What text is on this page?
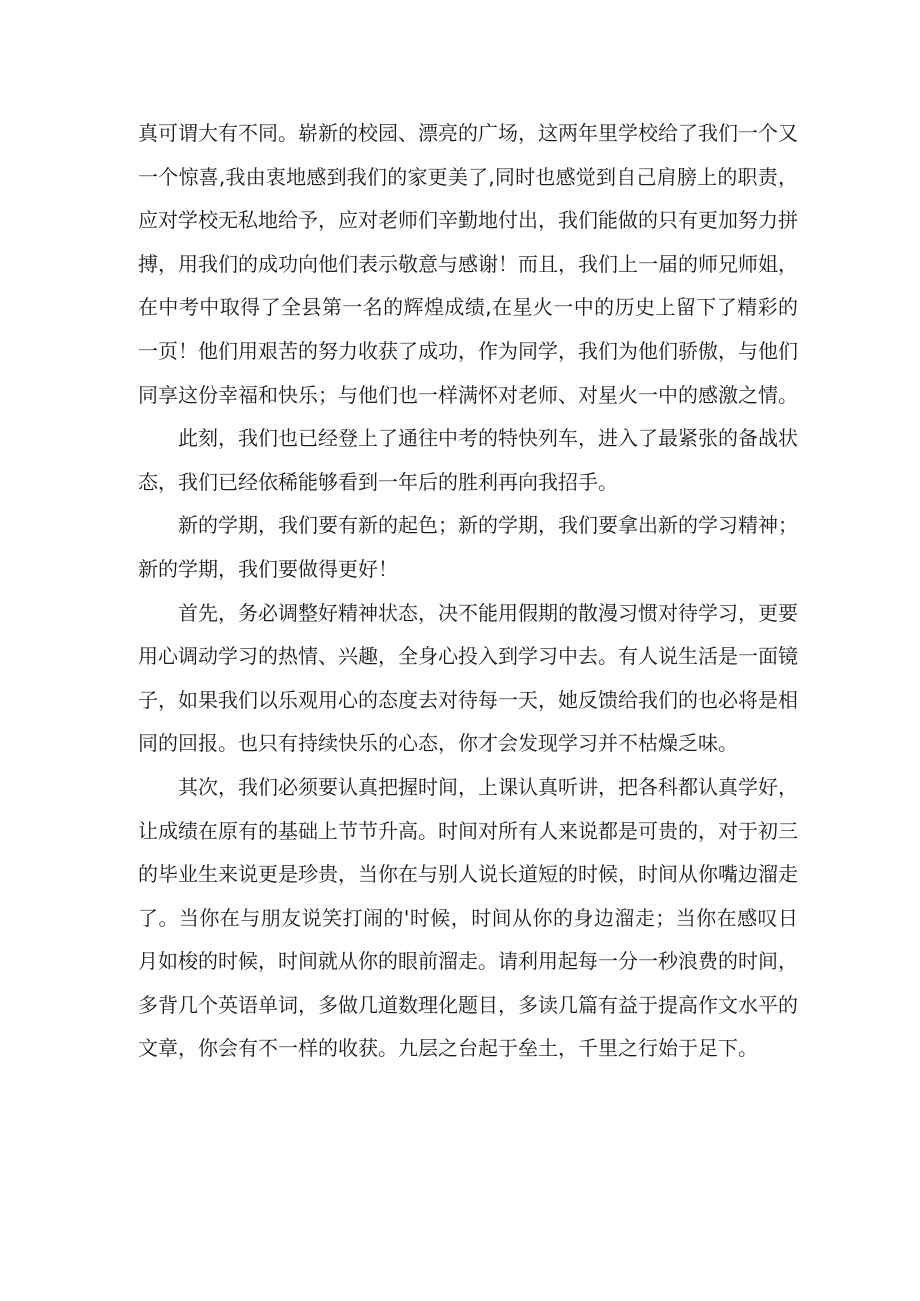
真可谓大有不同。崭新的校园、漂亮的广场，这两年里学校给了我们一个又一个惊喜,我由衷地感到我们的家更美了,同时也感觉到自己肩膀上的职责，应对学校无私地给予，应对老师们辛勤地付出，我们能做的只有更加努力拼搏，用我们的成功向他们表示敬意与感谢！而且，我们上一届的师兄师姐，在中考中取得了全县第一名的辉煌成绩,在星火一中的历史上留下了精彩的一页！他们用艰苦的努力收获了成功，作为同学，我们为他们骄傲，与他们同享这份幸福和快乐；与他们也一样满怀对老师、对星火一中的感激之情。

此刻，我们也已经登上了通往中考的特快列车，进入了最紧张的备战状态，我们已经依稀能够看到一年后的胜利再向我招手。

新的学期，我们要有新的起色；新的学期，我们要拿出新的学习精神；新的学期，我们要做得更好！

首先，务必调整好精神状态，决不能用假期的散漫习惯对待学习，更要用心调动学习的热情、兴趣，全身心投入到学习中去。有人说生活是一面镜子，如果我们以乐观用心的态度去对待每一天，她反馈给我们的也必将是相同的回报。也只有持续快乐的心态，你才会发现学习并不枯燥乏味。

其次，我们必须要认真把握时间，上课认真听讲，把各科都认真学好，让成绩在原有的基础上节节升高。时间对所有人来说都是可贵的，对于初三的毕业生来说更是珍贵，当你在与别人说长道短的时候，时间从你嘴边溜走了。当你在与朋友说笑打闹的'时候，时间从你的身边溜走；当你在感叹日月如梭的时候，时间就从你的眼前溜走。请利用起每一分一秒浪费的时间，多背几个英语单词，多做几道数理化题目，多读几篇有益于提高作文水平的文章，你会有不一样的收获。九层之台起于垒土，千里之行始于足下。
